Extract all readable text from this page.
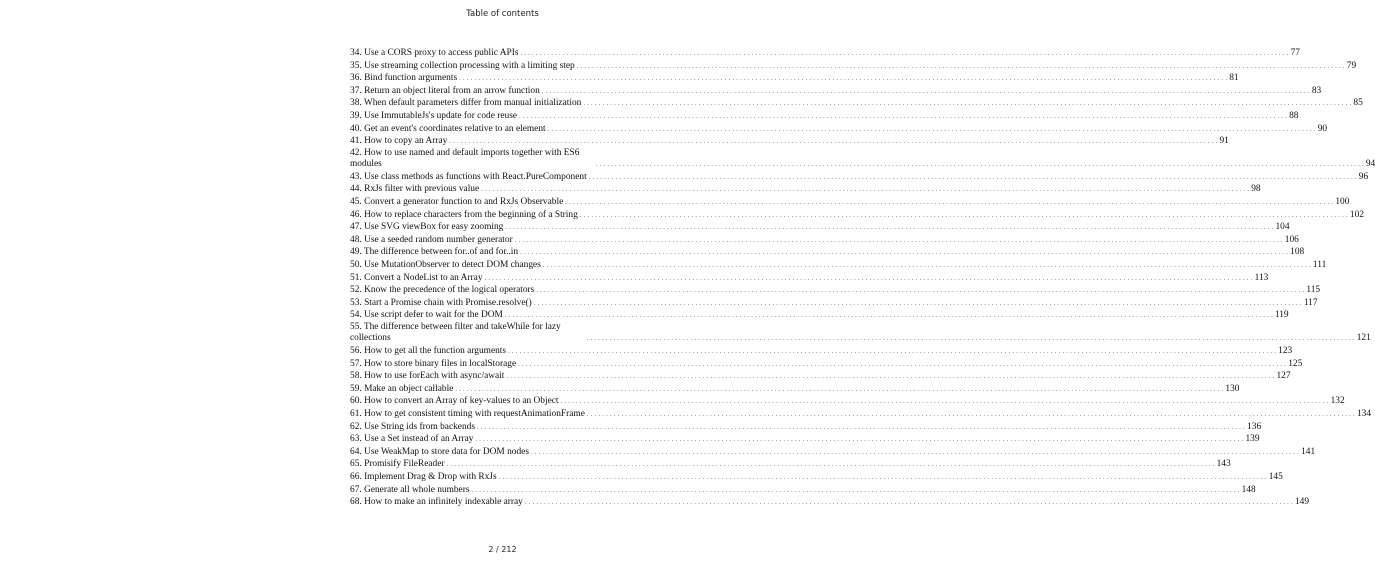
Table of contents
34. Use a CORS proxy to access public APIs . . . . . . . . . . . . . . . . . . . . . . . . . . . . . . . . . . . . . . . . . . . . . . . . . . . . . . . . . . . . . . . . . . . . . . . . . . . . . . . . . . . . . . . . . . . . . . . . . . . . . . . . . . . . . . . . . . . . . . . . . . . . . . . . . . . . . . . . . . . . . . . . . . . . . . . . . . . . . . . . . . . . . . . . . . . . . . . . . . . . . . . . . . . . . . . . . . . . . . . . 77
35. Use streaming collection processing with a limiting step . . . . . . . . . . . . . . . . . . . . . . . . . . . . . . . . . . . . . . . . . . . . . . . . . . . . . . . . . . . . . . . . . . . . . . . . . . . . . . . . . . . . . . . . . . . . . . . . . . . . . . . . . . . . . . . . . . . . . . . . . . . . . . . . . . . . . . . . . . . . . . . . . . . . . . . . . . . . . . . . . . . . . . . . . . . . . . . . . . . . . . . . . . . . . . . . . . . . . . . . 79
36. Bind function arguments . . . . . . . . . . . . . . . . . . . . . . . . . . . . . . . . . . . . . . . . . . . . . . . . . . . . . . . . . . . . . . . . . . . . . . . . . . . . . . . . . . . . . . . . . . . . . . . . . . . . . . . . . . . . . . . . . . . . . . . . . . . . . . . . . . . . . . . . . . . . . . . . . . . . . . . . . . . . . . . . . . . . . . . . . . . . . . . . . . . . . . . . . . . . . . . . . . . . . . . . 81
37. Return an object literal from an arrow function . . . . . . . . . . . . . . . . . . . . . . . . . . . . . . . . . . . . . . . . . . . . . . . . . . . . . . . . . . . . . . . . . . . . . . . . . . . . . . . . . . . . . . . . . . . . . . . . . . . . . . . . . . . . . . . . . . . . . . . . . . . . . . . . . . . . . . . . . . . . . . . . . . . . . . . . . . . . . . . . . . . . . . . . . . . . . . . . . . . . . . . . . . . . . . . . . . . . . . . . 83
38. When default parameters differ from manual initialization . . . . . . . . . . . . . . . . . . . . . . . . . . . . . . . . . . . . . . . . . . . . . . . . . . . . . . . . . . . . . . . . . . . . . . . . . . . . . . . . . . . . . . . . . . . . . . . . . . . . . . . . . . . . . . . . . . . . . . . . . . . . . . . . . . . . . . . . . . . . . . . . . . . . . . . . . . . . . . . . . . . . . . . . . . . . . . . . . . . . . . . . . . . . . . . . . . . . . . . . 85
39. Use ImmutableJs's update for code reuse . . . . . . . . . . . . . . . . . . . . . . . . . . . . . . . . . . . . . . . . . . . . . . . . . . . . . . . . . . . . . . . . . . . . . . . . . . . . . . . . . . . . . . . . . . . . . . . . . . . . . . . . . . . . . . . . . . . . . . . . . . . . . . . . . . . . . . . . . . . . . . . . . . . . . . . . . . . . . . . . . . . . . . . . . . . . . . . . . . . . . . . . . . . . . . . . . . . . . . . . 88
40. Get an event's coordinates relative to an element . . . . . . . . . . . . . . . . . . . . . . . . . . . . . . . . . . . . . . . . . . . . . . . . . . . . . . . . . . . . . . . . . . . . . . . . . . . . . . . . . . . . . . . . . . . . . . . . . . . . . . . . . . . . . . . . . . . . . . . . . . . . . . . . . . . . . . . . . . . . . . . . . . . . . . . . . . . . . . . . . . . . . . . . . . . . . . . . . . . . . . . . . . . . . . . . . . . . . . . . 90
41. How to copy an Array . . . . . . . . . . . . . . . . . . . . . . . . . . . . . . . . . . . . . . . . . . . . . . . . . . . . . . . . . . . . . . . . . . . . . . . . . . . . . . . . . . . . . . . . . . . . . . . . . . . . . . . . . . . . . . . . . . . . . . . . . . . . . . . . . . . . . . . . . . . . . . . . . . . . . . . . . . . . . . . . . . . . . . . . . . . . . . . . . . . . . . . . . . . . . . . . . . . . . . . . 91
42. How to use named and default imports together with ES6
modules	. . . . . . . . . . . . . . . . . . . . . . . . . . . . . . . . . . . . . . . . . . . . . . . . . . . . . . . . . . . . . . . . . . . . . . . . . . . . . . . . . . . . . . . . . . . . . . . . . . . . . . . . . . . . . . . . . . . . . . . . . . . . . . . . . . . . . . . . . . . . . . . . . . . . . . . . . . . . . . . . . . . . . . . . . . . . . . . . . . . . . . . . . . . . . . . . . . . . . . . . 94
43. Use class methods as functions with React.PureComponent . . . . . . . . . . . . . . . . . . . . . . . . . . . . . . . . . . . . . . . . . . . . . . . . . . . . . . . . . . . . . . . . . . . . . . . . . . . . . . . . . . . . . . . . . . . . . . . . . . . . . . . . . . . . . . . . . . . . . . . . . . . . . . . . . . . . . . . . . . . . . . . . . . . . . . . . . . . . . . . . . . . . . . . . . . . . . . . . . . . . . . . . . . . . . . . . . . . . . . . . 96
44. RxJs filter with previous value . . . . . . . . . . . . . . . . . . . . . . . . . . . . . . . . . . . . . . . . . . . . . . . . . . . . . . . . . . . . . . . . . . . . . . . . . . . . . . . . . . . . . . . . . . . . . . . . . . . . . . . . . . . . . . . . . . . . . . . . . . . . . . . . . . . . . . . . . . . . . . . . . . . . . . . . . . . . . . . . . . . . . . . . . . . . . . . . . . . . . . . . . . . . . . . . . . . . . . . . 98
45. Convert a generator function to and RxJs Observable . . . . . . . . . . . . . . . . . . . . . . . . . . . . . . . . . . . . . . . . . . . . . . . . . . . . . . . . . . . . . . . . . . . . . . . . . . . . . . . . . . . . . . . . . . . . . . . . . . . . . . . . . . . . . . . . . . . . . . . . . . . . . . . . . . . . . . . . . . . . . . . . . . . . . . . . . . . . . . . . . . . . . . . . . . . . . . . . . . . . . . . . . . . . . . . . . . . . . . . . 100
46. How to replace characters from the beginning of a String . . . . . . . . . . . . . . . . . . . . . . . . . . . . . . . . . . . . . . . . . . . . . . . . . . . . . . . . . . . . . . . . . . . . . . . . . . . . . . . . . . . . . . . . . . . . . . . . . . . . . . . . . . . . . . . . . . . . . . . . . . . . . . . . . . . . . . . . . . . . . . . . . . . . . . . . . . . . . . . . . . . . . . . . . . . . . . . . . . . . . . . . . . . . . . . . . . . . . . . . 102
47. Use SVG viewBox for easy zooming . . . . . . . . . . . . . . . . . . . . . . . . . . . . . . . . . . . . . . . . . . . . . . . . . . . . . . . . . . . . . . . . . . . . . . . . . . . . . . . . . . . . . . . . . . . . . . . . . . . . . . . . . . . . . . . . . . . . . . . . . . . . . . . . . . . . . . . . . . . . . . . . . . . . . . . . . . . . . . . . . . . . . . . . . . . . . . . . . . . . . . . . . . . . . . . . . . . . . . . . 104
48. Use a seeded random number generator . . . . . . . . . . . . . . . . . . . . . . . . . . . . . . . . . . . . . . . . . . . . . . . . . . . . . . . . . . . . . . . . . . . . . . . . . . . . . . . . . . . . . . . . . . . . . . . . . . . . . . . . . . . . . . . . . . . . . . . . . . . . . . . . . . . . . . . . . . . . . . . . . . . . . . . . . . . . . . . . . . . . . . . . . . . . . . . . . . . . . . . . . . . . . . . . . . . . . . . . 106
49. The difference between for..of and for..in . . . . . . . . . . . . . . . . . . . . . . . . . . . . . . . . . . . . . . . . . . . . . . . . . . . . . . . . . . . . . . . . . . . . . . . . . . . . . . . . . . . . . . . . . . . . . . . . . . . . . . . . . . . . . . . . . . . . . . . . . . . . . . . . . . . . . . . . . . . . . . . . . . . . . . . . . . . . . . . . . . . . . . . . . . . . . . . . . . . . . . . . . . . . . . . . . . . . . . . . 108
50. Use MutationObserver to detect DOM changes . . . . . . . . . . . . . . . . . . . . . . . . . . . . . . . . . . . . . . . . . . . . . . . . . . . . . . . . . . . . . . . . . . . . . . . . . . . . . . . . . . . . . . . . . . . . . . . . . . . . . . . . . . . . . . . . . . . . . . . . . . . . . . . . . . . . . . . . . . . . . . . . . . . . . . . . . . . . . . . . . . . . . . . . . . . . . . . . . . . . . . . . . . . . . . . . . . . . . . . . 111
51. Convert a NodeList to an Array . . . . . . . . . . . . . . . . . . . . . . . . . . . . . . . . . . . . . . . . . . . . . . . . . . . . . . . . . . . . . . . . . . . . . . . . . . . . . . . . . . . . . . . . . . . . . . . . . . . . . . . . . . . . . . . . . . . . . . . . . . . . . . . . . . . . . . . . . . . . . . . . . . . . . . . . . . . . . . . . . . . . . . . . . . . . . . . . . . . . . . . . . . . . . . . . . . . . . . . . 113
52. Know the precedence of the logical operators . . . . . . . . . . . . . . . . . . . . . . . . . . . . . . . . . . . . . . . . . . . . . . . . . . . . . . . . . . . . . . . . . . . . . . . . . . . . . . . . . . . . . . . . . . . . . . . . . . . . . . . . . . . . . . . . . . . . . . . . . . . . . . . . . . . . . . . . . . . . . . . . . . . . . . . . . . . . . . . . . . . . . . . . . . . . . . . . . . . . . . . . . . . . . . . . . . . . . . . . 115
53. Start a Promise chain with Promise.resolve() . . . . . . . . . . . . . . . . . . . . . . . . . . . . . . . . . . . . . . . . . . . . . . . . . . . . . . . . . . . . . . . . . . . . . . . . . . . . . . . . . . . . . . . . . . . . . . . . . . . . . . . . . . . . . . . . . . . . . . . . . . . . . . . . . . . . . . . . . . . . . . . . . . . . . . . . . . . . . . . . . . . . . . . . . . . . . . . . . . . . . . . . . . . . . . . . . . . . . . . . 117
54. Use script defer to wait for the DOM . . . . . . . . . . . . . . . . . . . . . . . . . . . . . . . . . . . . . . . . . . . . . . . . . . . . . . . . . . . . . . . . . . . . . . . . . . . . . . . . . . . . . . . . . . . . . . . . . . . . . . . . . . . . . . . . . . . . . . . . . . . . . . . . . . . . . . . . . . . . . . . . . . . . . . . . . . . . . . . . . . . . . . . . . . . . . . . . . . . . . . . . . . . . . . . . . . . . . . . . 119
55. The difference between filter and takeWhile for lazy
collections	. . . . . . . . . . . . . . . . . . . . . . . . . . . . . . . . . . . . . . . . . . . . . . . . . . . . . . . . . . . . . . . . . . . . . . . . . . . . . . . . . . . . . . . . . . . . . . . . . . . . . . . . . . . . . . . . . . . . . . . . . . . . . . . . . . . . . . . . . . . . . . . . . . . . . . . . . . . . . . . . . . . . . . . . . . . . . . . . . . . . . . . . . . . . . . . . . . . . . . . . 121
56. How to get all the function arguments . . . . . . . . . . . . . . . . . . . . . . . . . . . . . . . . . . . . . . . . . . . . . . . . . . . . . . . . . . . . . . . . . . . . . . . . . . . . . . . . . . . . . . . . . . . . . . . . . . . . . . . . . . . . . . . . . . . . . . . . . . . . . . . . . . . . . . . . . . . . . . . . . . . . . . . . . . . . . . . . . . . . . . . . . . . . . . . . . . . . . . . . . . . . . . . . . . . . . . . . 123
57. How to store binary files in localStorage . . . . . . . . . . . . . . . . . . . . . . . . . . . . . . . . . . . . . . . . . . . . . . . . . . . . . . . . . . . . . . . . . . . . . . . . . . . . . . . . . . . . . . . . . . . . . . . . . . . . . . . . . . . . . . . . . . . . . . . . . . . . . . . . . . . . . . . . . . . . . . . . . . . . . . . . . . . . . . . . . . . . . . . . . . . . . . . . . . . . . . . . . . . . . . . . . . . . . . . . 125
58. How to use forEach with async/await . . . . . . . . . . . . . . . . . . . . . . . . . . . . . . . . . . . . . . . . . . . . . . . . . . . . . . . . . . . . . . . . . . . . . . . . . . . . . . . . . . . . . . . . . . . . . . . . . . . . . . . . . . . . . . . . . . . . . . . . . . . . . . . . . . . . . . . . . . . . . . . . . . . . . . . . . . . . . . . . . . . . . . . . . . . . . . . . . . . . . . . . . . . . . . . . . . . . . . . . 127
59. Make an object callable . . . . . . . . . . . . . . . . . . . . . . . . . . . . . . . . . . . . . . . . . . . . . . . . . . . . . . . . . . . . . . . . . . . . . . . . . . . . . . . . . . . . . . . . . . . . . . . . . . . . . . . . . . . . . . . . . . . . . . . . . . . . . . . . . . . . . . . . . . . . . . . . . . . . . . . . . . . . . . . . . . . . . . . . . . . . . . . . . . . . . . . . . . . . . . . . . . . . . . . . 130
60. How to convert an Array of key-values to an Object . . . . . . . . . . . . . . . . . . . . . . . . . . . . . . . . . . . . . . . . . . . . . . . . . . . . . . . . . . . . . . . . . . . . . . . . . . . . . . . . . . . . . . . . . . . . . . . . . . . . . . . . . . . . . . . . . . . . . . . . . . . . . . . . . . . . . . . . . . . . . . . . . . . . . . . . . . . . . . . . . . . . . . . . . . . . . . . . . . . . . . . . . . . . . . . . . . . . . . . . 132
61. How to get consistent timing with requestAnimationFrame . . . . . . . . . . . . . . . . . . . . . . . . . . . . . . . . . . . . . . . . . . . . . . . . . . . . . . . . . . . . . . . . . . . . . . . . . . . . . . . . . . . . . . . . . . . . . . . . . . . . . . . . . . . . . . . . . . . . . . . . . . . . . . . . . . . . . . . . . . . . . . . . . . . . . . . . . . . . . . . . . . . . . . . . . . . . . . . . . . . . . . . . . . . . . . . . . . . . . . . . 134
62. Use String ids from backends . . . . . . . . . . . . . . . . . . . . . . . . . . . . . . . . . . . . . . . . . . . . . . . . . . . . . . . . . . . . . . . . . . . . . . . . . . . . . . . . . . . . . . . . . . . . . . . . . . . . . . . . . . . . . . . . . . . . . . . . . . . . . . . . . . . . . . . . . . . . . . . . . . . . . . . . . . . . . . . . . . . . . . . . . . . . . . . . . . . . . . . . . . . . . . . . . . . . . . . . 136
63. Use a Set instead of an Array . . . . . . . . . . . . . . . . . . . . . . . . . . . . . . . . . . . . . . . . . . . . . . . . . . . . . . . . . . . . . . . . . . . . . . . . . . . . . . . . . . . . . . . . . . . . . . . . . . . . . . . . . . . . . . . . . . . . . . . . . . . . . . . . . . . . . . . . . . . . . . . . . . . . . . . . . . . . . . . . . . . . . . . . . . . . . . . . . . . . . . . . . . . . . . . . . . . . . . . . 139
64. Use WeakMap to store data for DOM nodes . . . . . . . . . . . . . . . . . . . . . . . . . . . . . . . . . . . . . . . . . . . . . . . . . . . . . . . . . . . . . . . . . . . . . . . . . . . . . . . . . . . . . . . . . . . . . . . . . . . . . . . . . . . . . . . . . . . . . . . . . . . . . . . . . . . . . . . . . . . . . . . . . . . . . . . . . . . . . . . . . . . . . . . . . . . . . . . . . . . . . . . . . . . . . . . . . . . . . . . . 141
65. Promisify FileReader . . . . . . . . . . . . . . . . . . . . . . . . . . . . . . . . . . . . . . . . . . . . . . . . . . . . . . . . . . . . . . . . . . . . . . . . . . . . . . . . . . . . . . . . . . . . . . . . . . . . . . . . . . . . . . . . . . . . . . . . . . . . . . . . . . . . . . . . . . . . . . . . . . . . . . . . . . . . . . . . . . . . . . . . . . . . . . . . . . . . . . . . . . . . . . . . . . . . . . . . 143
66. Implement Drag & Drop with RxJs . . . . . . . . . . . . . . . . . . . . . . . . . . . . . . . . . . . . . . . . . . . . . . . . . . . . . . . . . . . . . . . . . . . . . . . . . . . . . . . . . . . . . . . . . . . . . . . . . . . . . . . . . . . . . . . . . . . . . . . . . . . . . . . . . . . . . . . . . . . . . . . . . . . . . . . . . . . . . . . . . . . . . . . . . . . . . . . . . . . . . . . . . . . . . . . . . . . . . . . . 145
67. Generate all whole numbers . . . . . . . . . . . . . . . . . . . . . . . . . . . . . . . . . . . . . . . . . . . . . . . . . . . . . . . . . . . . . . . . . . . . . . . . . . . . . . . . . . . . . . . . . . . . . . . . . . . . . . . . . . . . . . . . . . . . . . . . . . . . . . . . . . . . . . . . . . . . . . . . . . . . . . . . . . . . . . . . . . . . . . . . . . . . . . . . . . . . . . . . . . . . . . . . . . . . . . . . 148
68. How to make an infinitely indexable array . . . . . . . . . . . . . . . . . . . . . . . . . . . . . . . . . . . . . . . . . . . . . . . . . . . . . . . . . . . . . . . . . . . . . . . . . . . . . . . . . . . . . . . . . . . . . . . . . . . . . . . . . . . . . . . . . . . . . . . . . . . . . . . . . . . . . . . . . . . . . . . . . . . . . . . . . . . . . . . . . . . . . . . . . . . . . . . . . . . . . . . . . . . . . . . . . . . . . . . . 149
2 / 212
